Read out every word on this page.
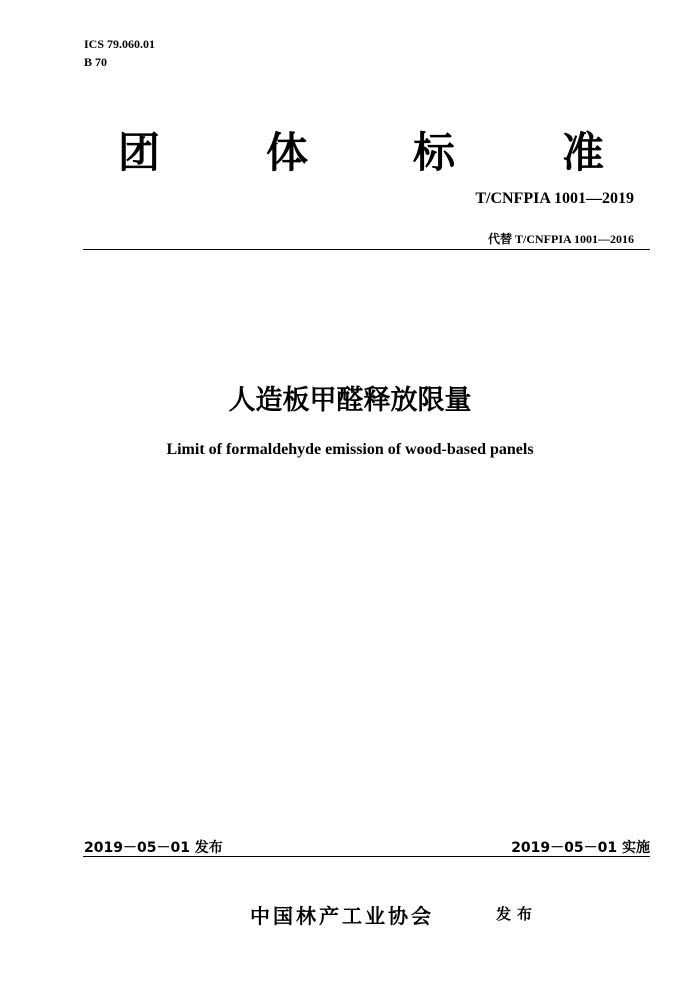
ICS 79.060.01
B 70
团	体 标	准
T/CNFPIA 1001—2019
代替 T/CNFPIA 1001—2016
人造板甲醛释放限量
Limit of formaldehyde emission of wood-based panels
2019－05－01 发布	2019－05－01 实施
中国林产工业协会	发布
